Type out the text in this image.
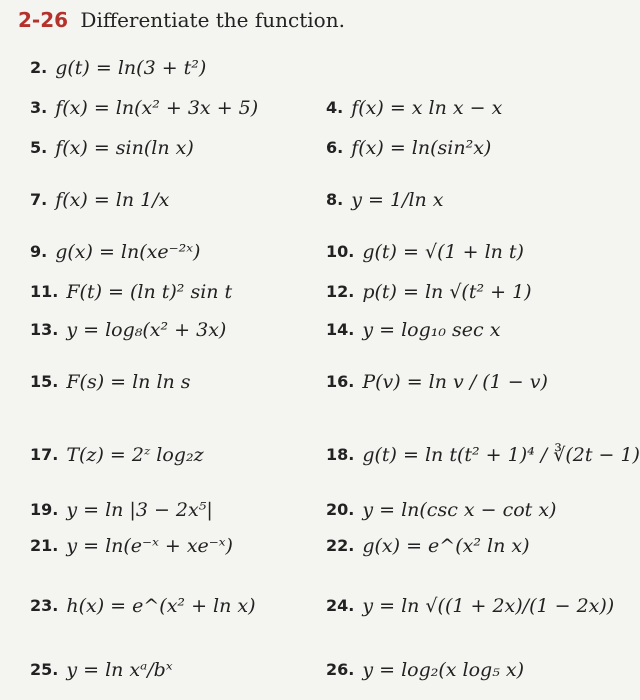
2-26 Differentiate the function.
2. g(t) = ln(3 + t²)
3. f(x) = ln(x² + 3x + 5)	4. f(x) = x ln x − x
5. f(x) = sin(ln x)	6. f(x) = ln(sin²x)
7. f(x) = ln 1/x	8. y = 1/ln x
9. g(x) = ln(xe⁻²ˣ)	10. g(t) = √(1 + ln t)
11. F(t) = (ln t)² sin t	12. p(t) = ln √(t² + 1)
13. y = log₈(x² + 3x)	14. y = log₁₀ sec x
15. F(s) = ln ln s	16. P(v) = ln v / (1 − v)
17. T(z) = 2ᶻ log₂z	18. g(t) = ln t(t² + 1)⁴ / ∛(2t − 1)
19. y = ln |3 − 2x⁵|	20. y = ln(csc x − cot x)
21. y = ln(e⁻ˣ + xe⁻ˣ)	22. g(x) = e^(x² ln x)
23. h(x) = e^(x² + ln x)	24. y = ln √((1 + 2x)/(1 − 2x))
25. y = ln xᵃ/bˣ	26. y = log₂(x log₅ x)
